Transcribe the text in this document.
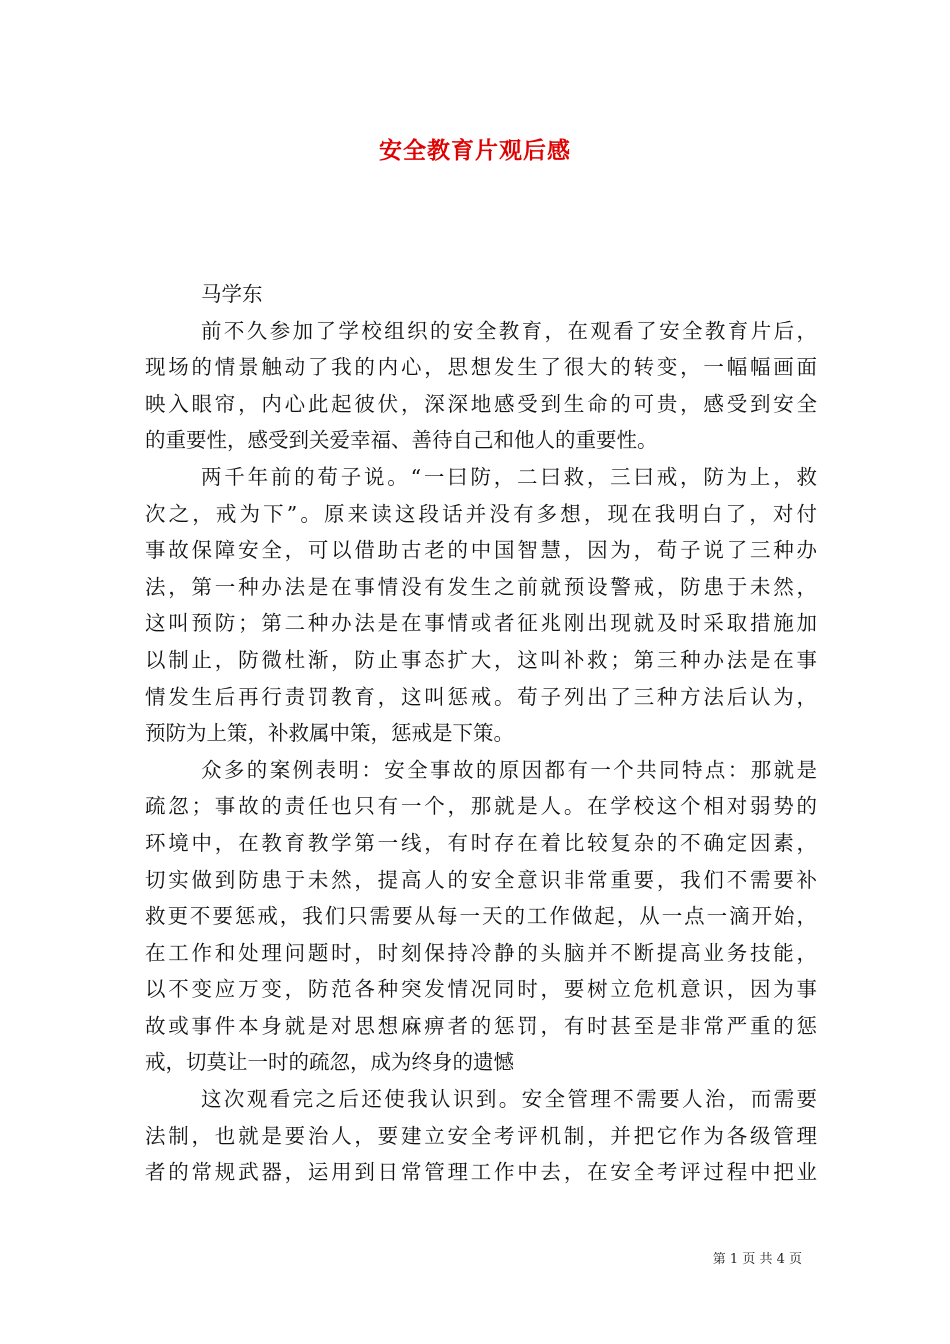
安全教育片观后感
马学东
前不久参加了学校组织的安全教育，在观看了安全教育片后，
现场的情景触动了我的内心，思想发生了很大的转变，一幅幅画面
映入眼帘，内心此起彼伏，深深地感受到生命的可贵，感受到安全
的重要性，感受到关爱幸福、善待自己和他人的重要性。
两千年前的荀子说。“一曰防，二曰救，三曰戒，防为上，救
次之，戒为下”。原来读这段话并没有多想，现在我明白了，对付
事故保障安全，可以借助古老的中国智慧，因为，荀子说了三种办
法，第一种办法是在事情没有发生之前就预设警戒，防患于未然，
这叫预防；第二种办法是在事情或者征兆刚出现就及时采取措施加
以制止，防微杜渐，防止事态扩大，这叫补救；第三种办法是在事
情发生后再行责罚教育，这叫惩戒。荀子列出了三种方法后认为，
预防为上策，补救属中策，惩戒是下策。
众多的案例表明：安全事故的原因都有一个共同特点：那就是
疏忽；事故的责任也只有一个，那就是人。在学校这个相对弱势的
环境中，在教育教学第一线，有时存在着比较复杂的不确定因素，
切实做到防患于未然，提高人的安全意识非常重要，我们不需要补
救更不要惩戒，我们只需要从每一天的工作做起，从一点一滴开始，
在工作和处理问题时，时刻保持冷静的头脑并不断提高业务技能，
以不变应万变，防范各种突发情况同时，要树立危机意识，因为事
故或事件本身就是对思想麻痹者的惩罚，有时甚至是非常严重的惩
戒，切莫让一时的疏忽，成为终身的遗憾
这次观看完之后还使我认识到。安全管理不需要人治，而需要
法制，也就是要治人，要建立安全考评机制，并把它作为各级管理
者的常规武器，运用到日常管理工作中去，在安全考评过程中把业
第 1 页 共 4 页
